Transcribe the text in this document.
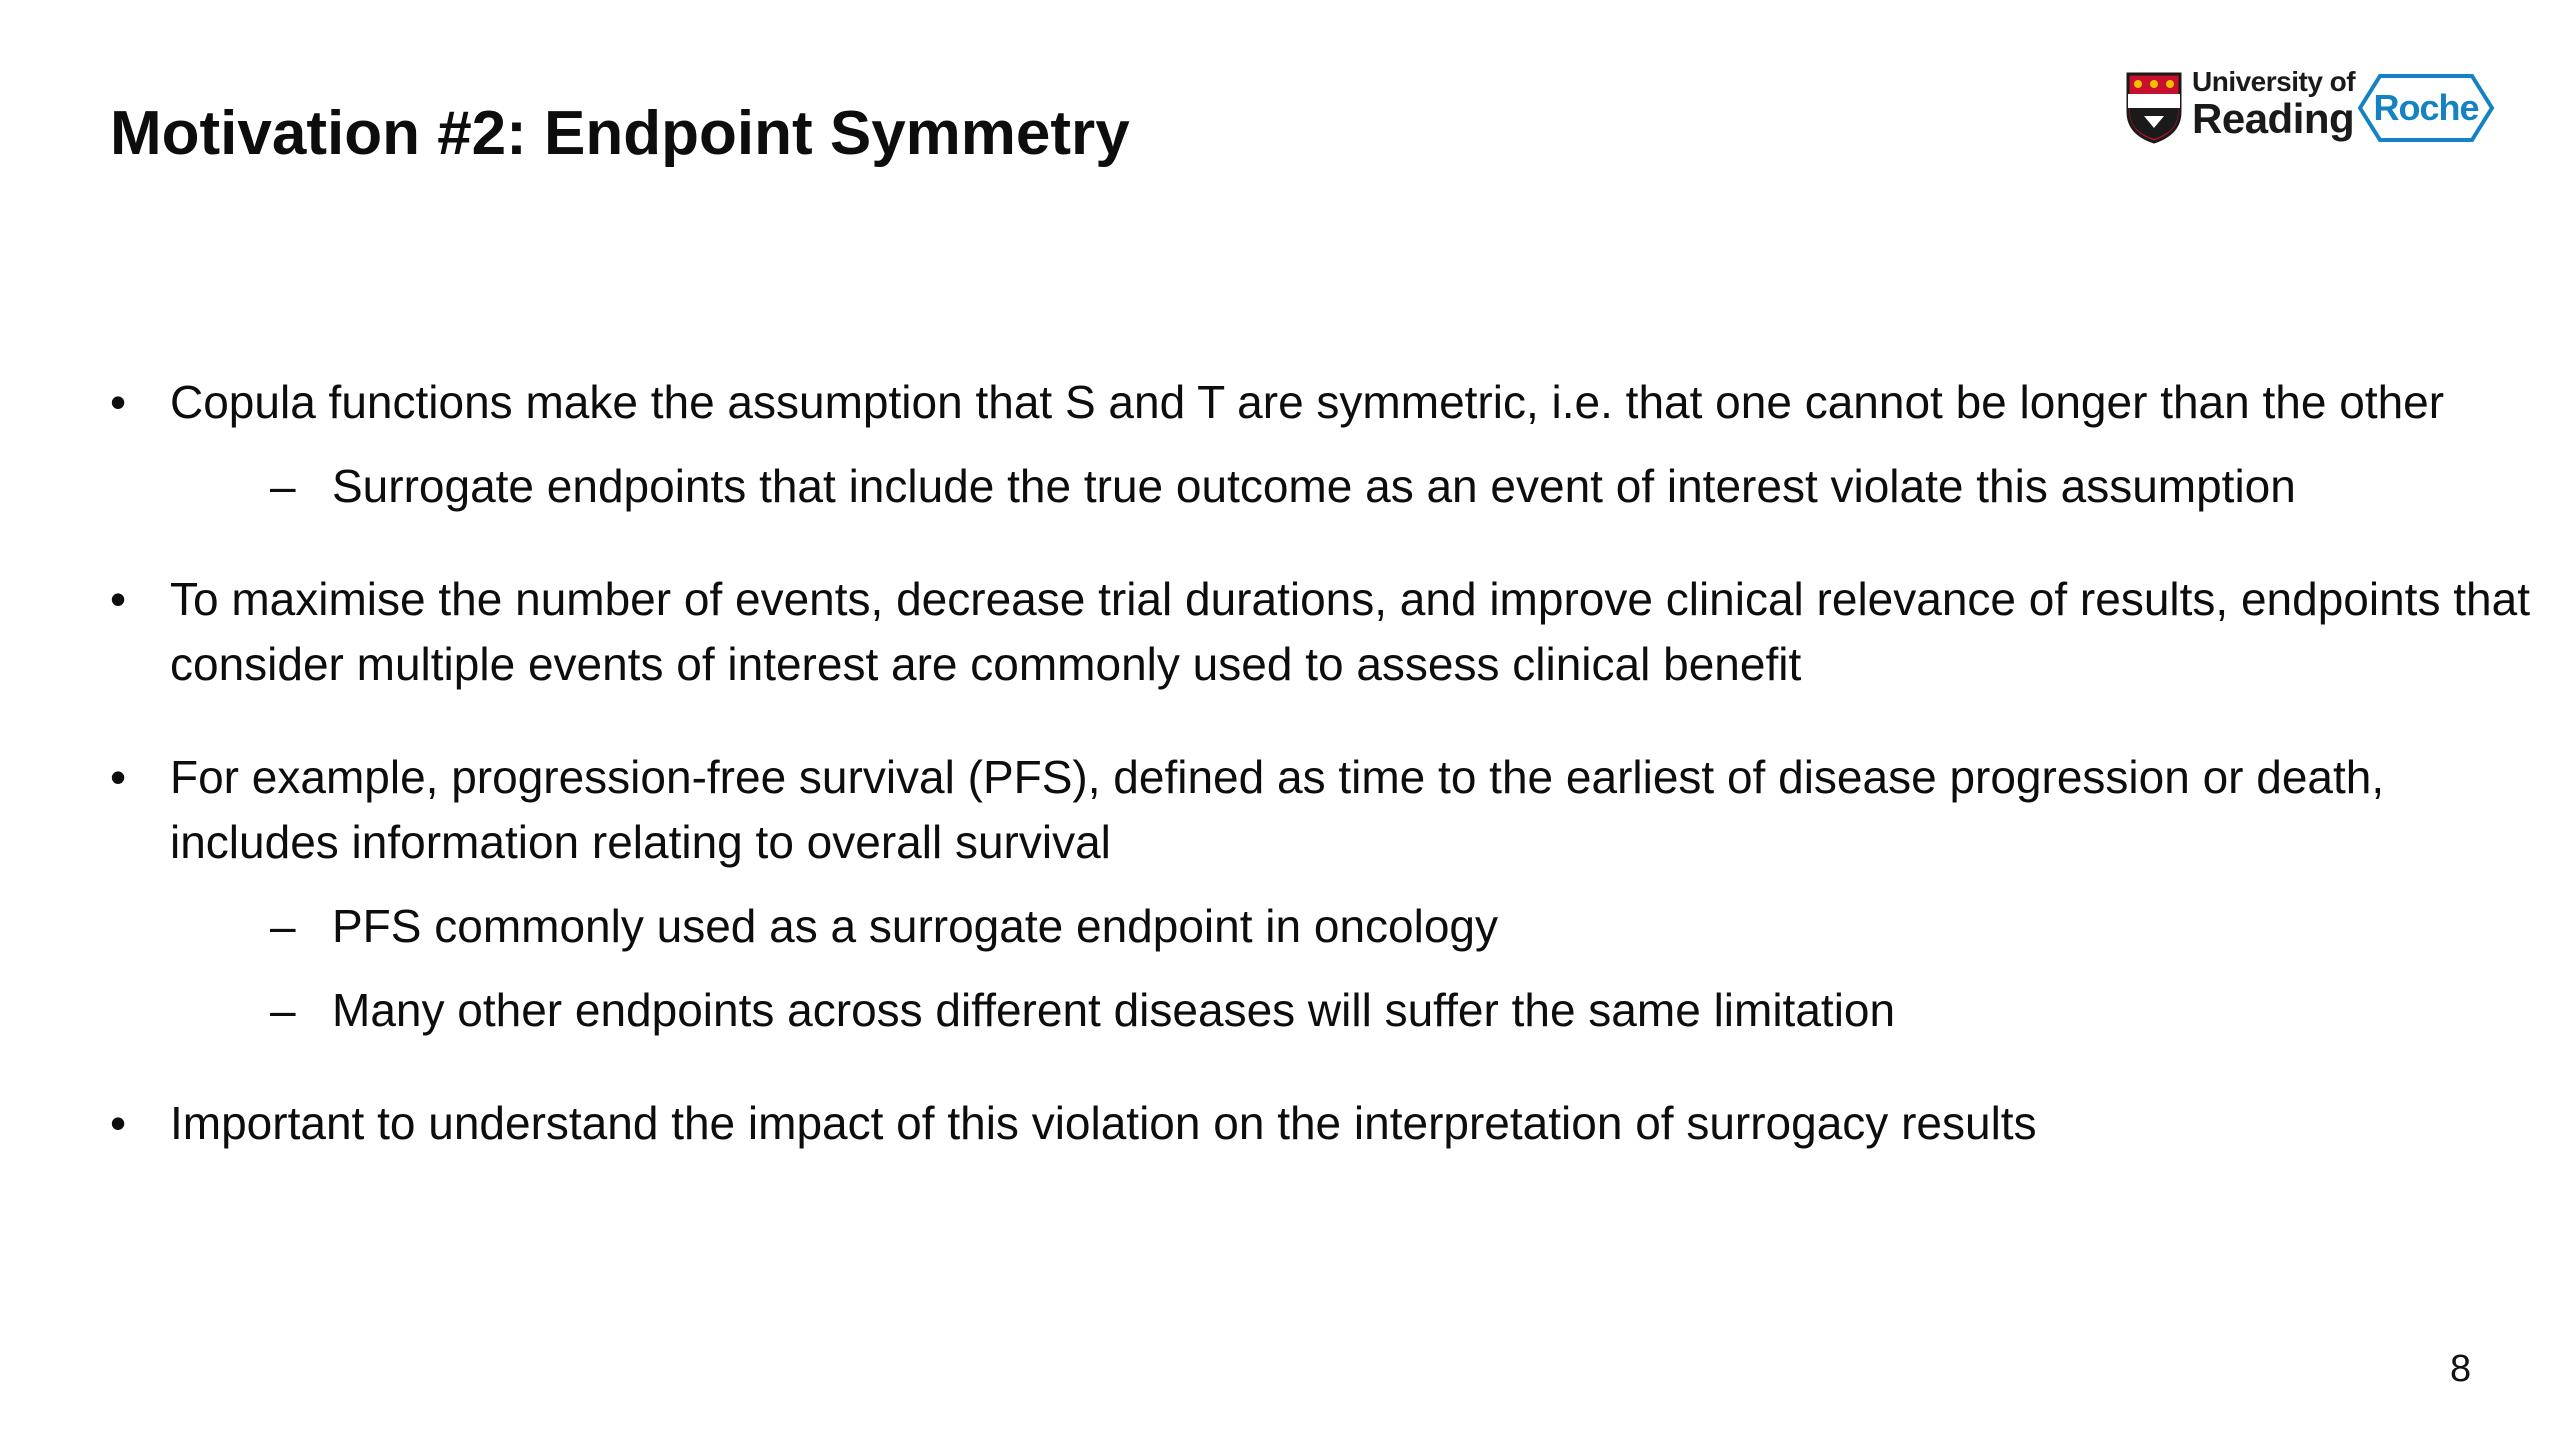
Motivation #2: Endpoint Symmetry
University of
Reading Roche
• Copula functions make the assumption that S and T are symmetric, i.e. that one cannot be longer than the other
– Surrogate endpoints that include the true outcome as an event of interest violate this assumption
• To maximise the number of events, decrease trial durations, and improve clinical relevance of results, endpoints that consider multiple events of interest are commonly used to assess clinical benefit
• For example, progression-free survival (PFS), defined as time to the earliest of disease progression or death, includes information relating to overall survival
– PFS commonly used as a surrogate endpoint in oncology
– Many other endpoints across different diseases will suffer the same limitation
• Important to understand the impact of this violation on the interpretation of surrogacy results
8
